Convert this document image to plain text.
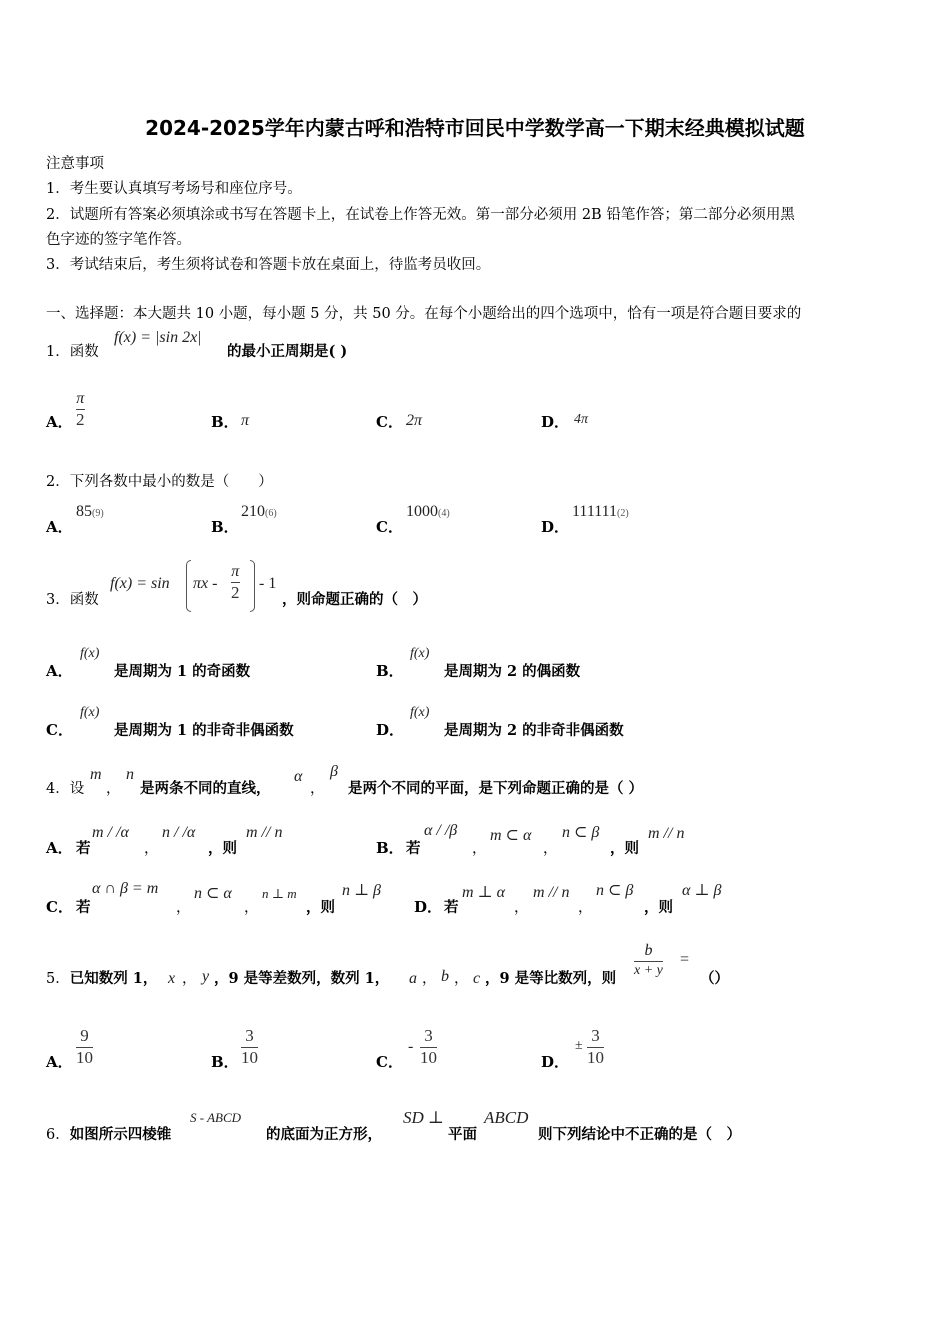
2024-2025学年内蒙古呼和浩特市回民中学数学高一下期末经典模拟试题
注意事项
1．考生要认真填写考场号和座位序号。
2．试题所有答案必须填涂或书写在答题卡上，在试卷上作答无效。第一部分必须用 2B 铅笔作答；第二部分必须用黑
色字迹的签字笔作答。
3．考试结束后，考生须将试卷和答题卡放在桌面上，待监考员收回。
一、选择题：本大题共 10 小题，每小题 5 分，共 50 分。在每个小题给出的四个选项中，恰有一项是符合题目要求的
1．函数
f(x) = |sin 2x|
的最小正周期是( )
A． $\frac{\pi}{2}$	B． π	C． 2π	D． 4π
2．下列各数中最小的数是（　　）
A．
85(9)
B．
210(6)
C．
1000(4)
D．
111111(2)
3．函数
$f(x) = \sin \pi x - \frac{\pi}{2} - 1$
，则命题正确的（　）
A．
f(x)
是周期为 1 的奇函数	B．
f(x)
是周期为 2 的偶函数
C．
f(x)
是周期为 1 的非奇非偶函数	D．
f(x)
是周期为 2 的非奇非偶函数
4．设
m
，
n
是两条不同的直线，
α
，
β
是两个不同的平面，是下列命题正确的是（ ）
A． 若
m / /α
，
n / /α
，则
m // n
B． 若
α / /β
，
m ⊂ α
，
n ⊂ β
，则
m // n
C． 若
α ∩ β = m
，
n ⊂ α
，
n ⊥ m
，则
n ⊥ β
D． 若
m ⊥ α
，
m // n
，
n ⊂ β
，则
α ⊥ β
5．已知数列 1， x ， y ，9 是等差数列，数列 1， a ， b ， c ，9 是等比数列，则
$\frac{b}{x + y}$ =
（）
A． $\frac{9}{10}$	B． $\frac{3}{10}$	C．
- $\frac{3}{10}$	D．
± $\frac{3}{10}$
6．如图所示四棱锥
S - ABCD
的底面为正方形，
SD ⊥
平面
ABCD
则下列结论中不正确的是（　）
